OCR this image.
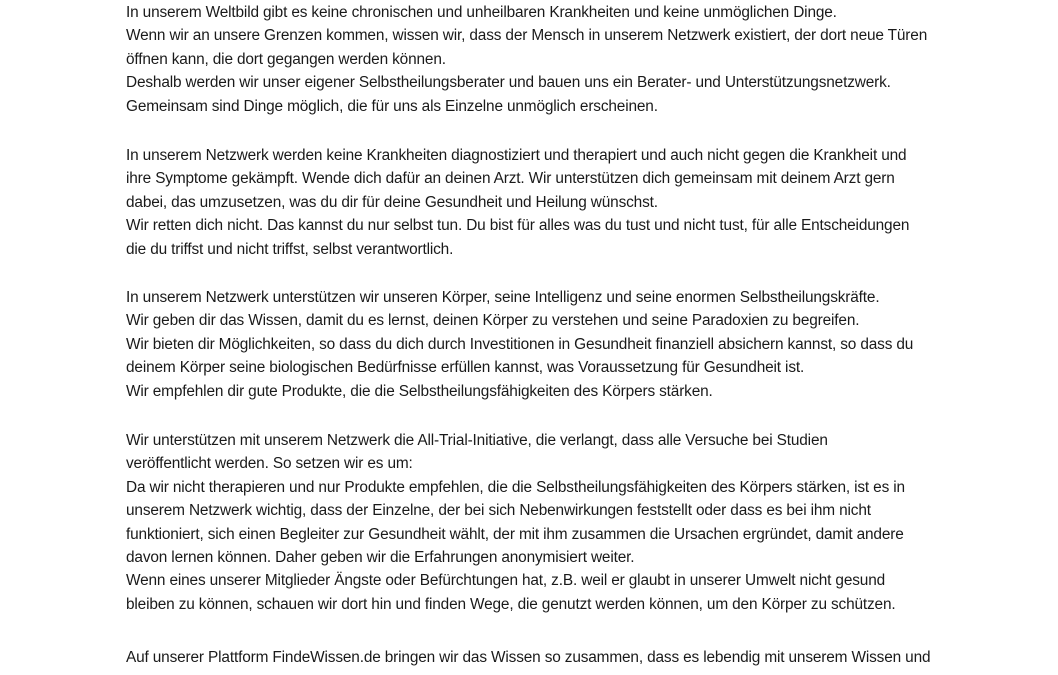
In unserem Weltbild gibt es keine chronischen und unheilbaren Krankheiten und keine unmöglichen Dinge.
Wenn wir an unsere Grenzen kommen, wissen wir, dass der Mensch in unserem Netzwerk existiert, der dort neue Türen
öffnen kann, die dort gegangen werden können.
Deshalb werden wir unser eigener Selbstheilungsberater und bauen uns ein Berater- und Unterstützungsnetzwerk.
Gemeinsam sind Dinge möglich, die für uns als Einzelne unmöglich erscheinen.
In unserem Netzwerk werden keine Krankheiten diagnostiziert und therapiert und auch nicht gegen die Krankheit und
ihre Symptome gekämpft. Wende dich dafür an deinen Arzt. Wir unterstützen dich gemeinsam mit deinem Arzt gern
dabei, das umzusetzen, was du dir für deine Gesundheit und Heilung wünschst.
Wir retten dich nicht. Das kannst du nur selbst tun. Du bist für alles was du tust und nicht tust, für alle Entscheidungen
die du triffst und nicht triffst, selbst verantwortlich.
In unserem Netzwerk unterstützen wir unseren Körper, seine Intelligenz und seine enormen Selbstheilungskräfte.
Wir geben dir das Wissen, damit du es lernst, deinen Körper zu verstehen und seine Paradoxien zu begreifen.
Wir bieten dir Möglichkeiten, so dass du dich durch Investitionen in Gesundheit finanziell absichern kannst, so dass du
deinem Körper seine biologischen Bedürfnisse erfüllen kannst, was Voraussetzung für Gesundheit ist.
Wir empfehlen dir gute Produkte, die die Selbstheilungsfähigkeiten des Körpers stärken.
Wir unterstützen mit unserem Netzwerk die All-Trial-Initiative, die verlangt, dass alle Versuche bei Studien
veröffentlicht werden. So setzen wir es um:
Da wir nicht therapieren und nur Produkte empfehlen, die die Selbstheilungsfähigkeiten des Körpers stärken, ist es in
unserem Netzwerk wichtig, dass der Einzelne, der bei sich Nebenwirkungen feststellt oder dass es bei ihm nicht
funktioniert, sich einen Begleiter zur Gesundheit wählt, der mit ihm zusammen die Ursachen ergründet, damit andere
davon lernen können. Daher geben wir die Erfahrungen anonymisiert weiter.
Wenn eines unserer Mitglieder Ängste oder Befürchtungen hat, z.B. weil er glaubt in unserer Umwelt nicht gesund
bleiben zu können, schauen wir dort hin und finden Wege, die genutzt werden können, um den Körper zu schützen.
Auf unserer Plattform FindeWissen.de bringen wir das Wissen so zusammen, dass es lebendig mit unserem Wissen und
